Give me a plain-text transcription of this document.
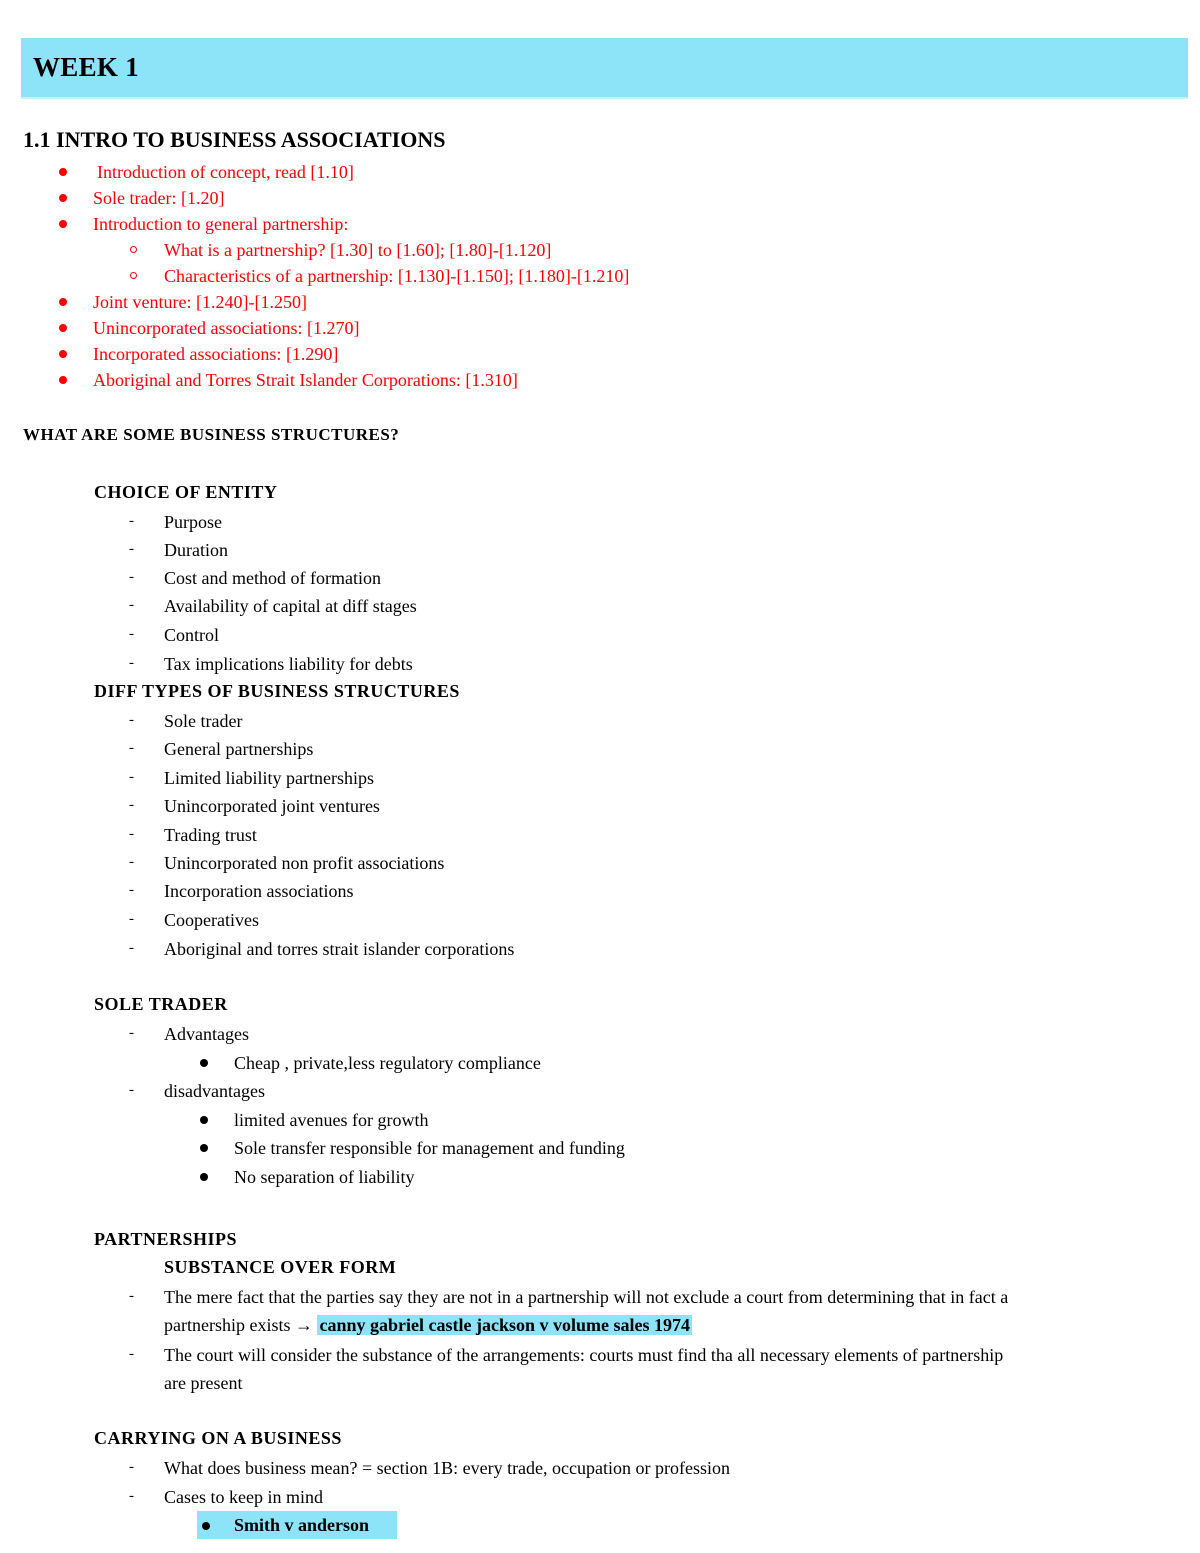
WEEK 1
1.1 INTRO TO BUSINESS ASSOCIATIONS
Introduction of concept, read [1.10]
Sole trader: [1.20]
Introduction to general partnership:
What is a partnership? [1.30] to [1.60]; [1.80]-[1.120]
Characteristics of a partnership: [1.130]-[1.150]; [1.180]-[1.210]
Joint venture: [1.240]-[1.250]
Unincorporated associations: [1.270]
Incorporated associations: [1.290]
Aboriginal and Torres Strait Islander Corporations: [1.310]
WHAT ARE SOME BUSINESS STRUCTURES?
CHOICE OF ENTITY
- Purpose
- Duration
- Cost and method of formation
- Availability of capital at diff stages
- Control
- Tax implications liability for debts
DIFF TYPES OF BUSINESS STRUCTURES
- Sole trader
- General partnerships
- Limited liability partnerships
- Unincorporated joint ventures
- Trading trust
- Unincorporated non profit associations
- Incorporation associations
- Cooperatives
- Aboriginal and torres strait islander corporations
SOLE TRADER
- Advantages
Cheap , private,less regulatory compliance
- disadvantages
limited avenues for growth
Sole transfer responsible for management and funding
No separation of liability
PARTNERSHIPS
SUBSTANCE OVER FORM
- The mere fact that the parties say they are not in a partnership will not exclude a court from determining that in fact a
partnership exists → canny gabriel castle jackson v volume sales 1974
- The court will consider the substance of the arrangements: courts must find tha all necessary elements of partnership
are present
CARRYING ON A BUSINESS
- What does business mean? = section 1B: every trade, occupation or profession
- Cases to keep in mind
Smith v anderson
